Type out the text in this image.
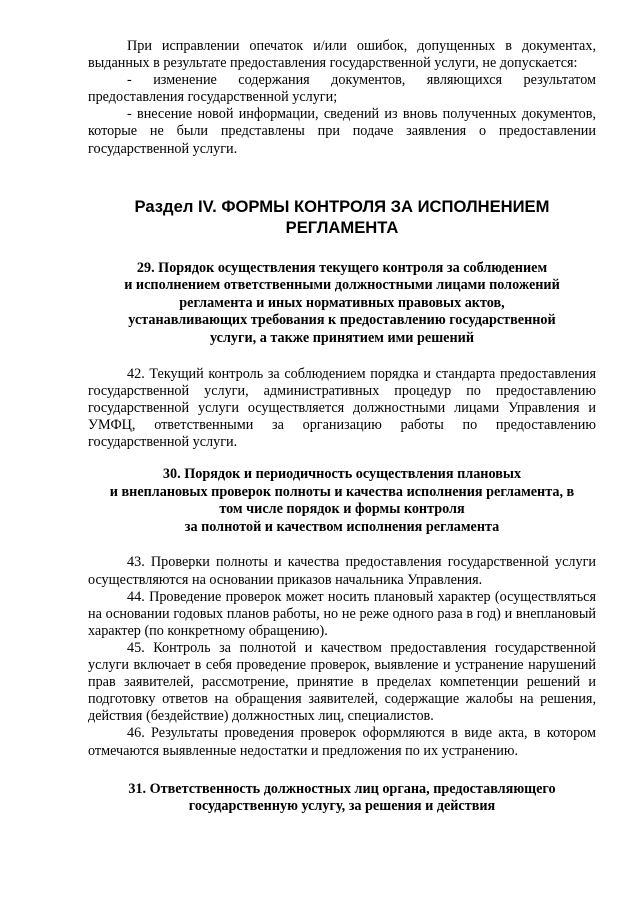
При исправлении опечаток и/или ошибок, допущенных в документах, выданных в результате предоставления государственной услуги, не допускается:

- изменение содержания документов, являющихся результатом предоставления государственной услуги;

- внесение новой информации, сведений из вновь полученных документов, которые не были представлены при подаче заявления о предоставлении государственной услуги.

Раздел IV. ФОРМЫ КОНТРОЛЯ ЗА ИСПОЛНЕНИЕМ
РЕГЛАМЕНТА
29. Порядок осуществления текущего контроля за соблюдением
и исполнением ответственными должностными лицами положений
регламента и иных нормативных правовых актов,
устанавливающих требования к предоставлению государственной
услуги, а также принятием ими решений

42. Текущий контроль за соблюдением порядка и стандарта предоставления государственной услуги, административных процедур по предоставлению государственной услуги осуществляется должностными лицами Управления и УМФЦ, ответственными за организацию работы по предоставлению государственной услуги.

30. Порядок и периодичность осуществления плановых
и внеплановых проверок полноты и качества исполнения регламента, в
том числе порядок и формы контроля
за полнотой и качеством исполнения регламента

43. Проверки полноты и качества предоставления государственной услуги осуществляются на основании приказов начальника Управления.

44. Проведение проверок может носить плановый характер (осуществляться на основании годовых планов работы, но не реже одного раза в год) и внеплановый характер (по конкретному обращению).

45. Контроль за полнотой и качеством предоставления государственной услуги включает в себя проведение проверок, выявление и устранение нарушений прав заявителей, рассмотрение, принятие в пределах компетенции решений и подготовку ответов на обращения заявителей, содержащие жалобы на решения, действия (бездействие) должностных лиц, специалистов.

46. Результаты проведения проверок оформляются в виде акта, в котором отмечаются выявленные недостатки и предложения по их устранению.

31. Ответственность должностных лиц органа, предоставляющего
государственную услугу, за решения и действия
